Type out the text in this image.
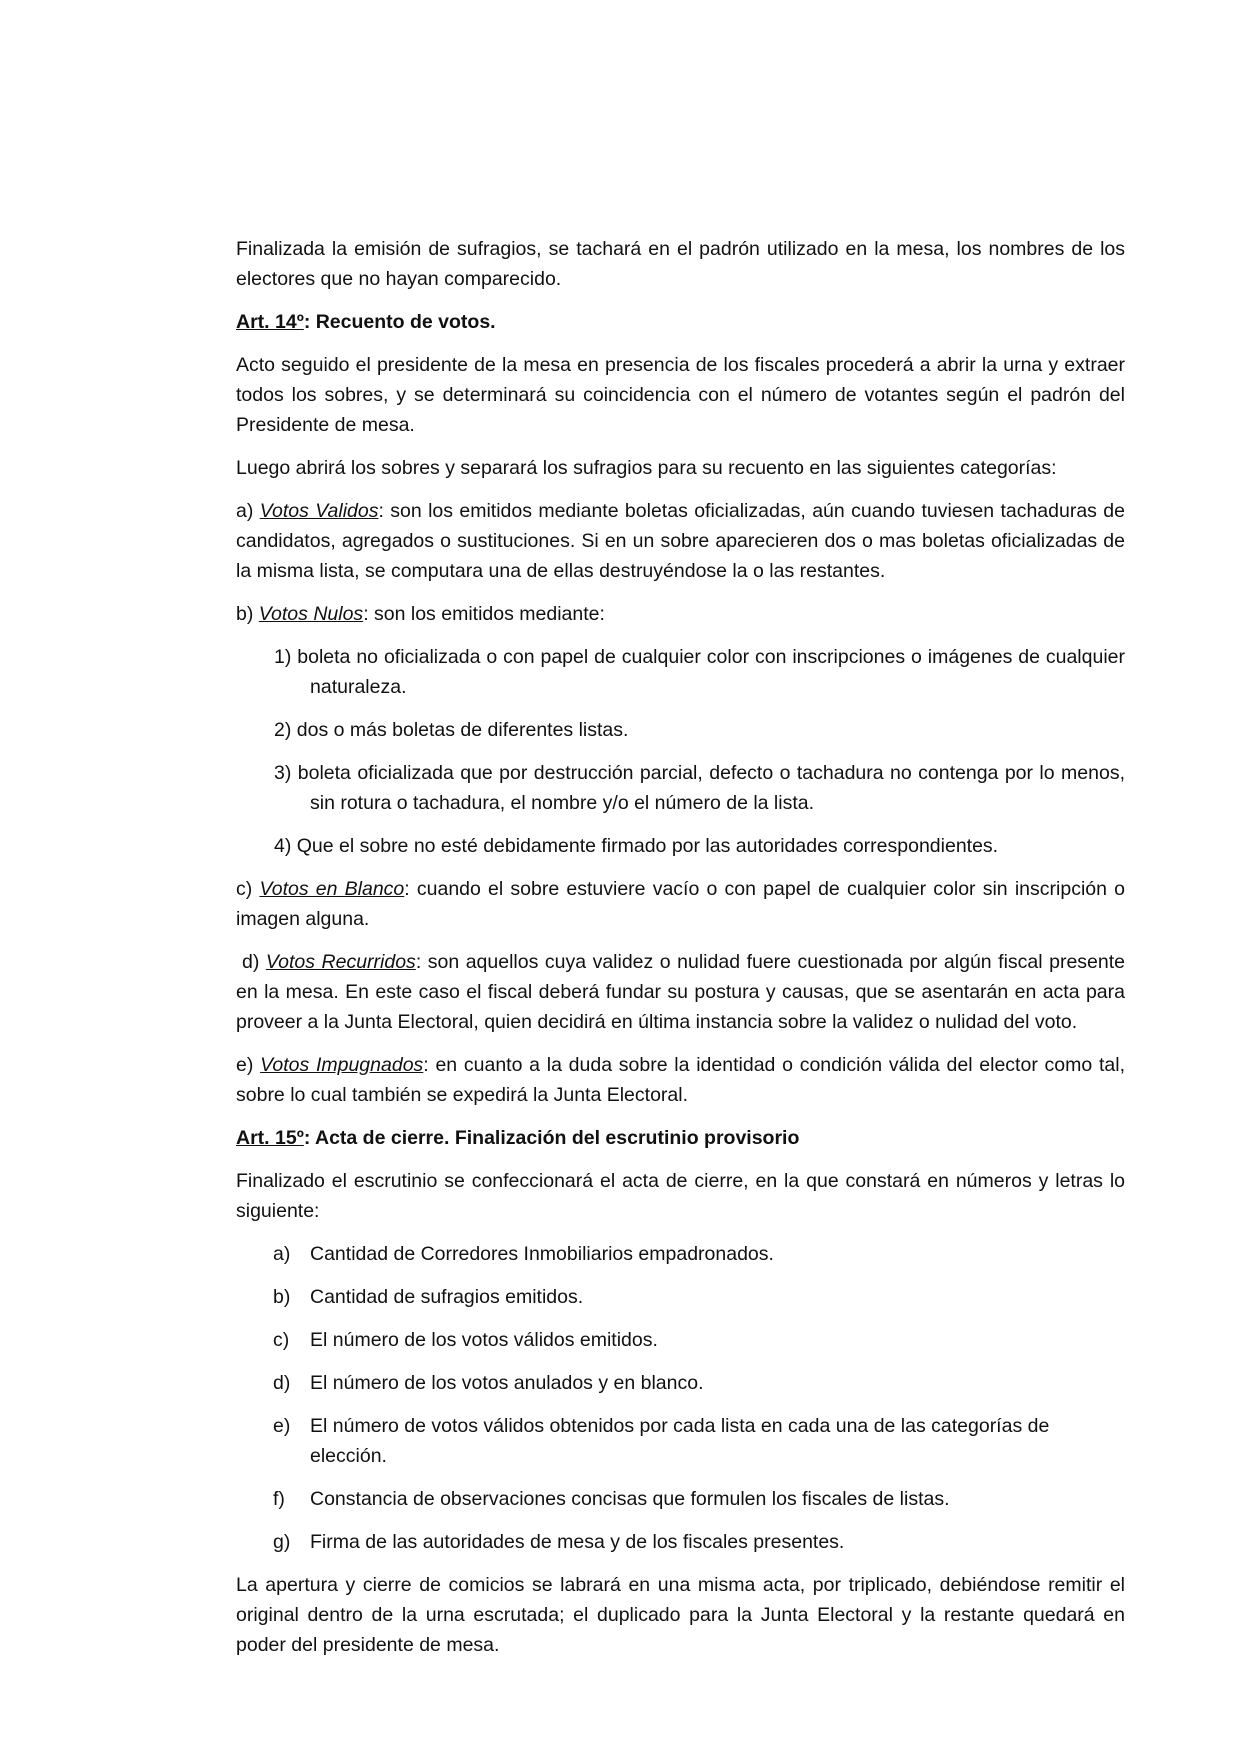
Finalizada la emisión de sufragios, se tachará en el padrón utilizado en la mesa, los nombres de los electores que no hayan comparecido.

Art. 14º: Recuento de votos.

Acto seguido el presidente de la mesa en presencia de los fiscales procederá a abrir la urna y extraer todos los sobres, y se determinará su coincidencia con el número de votantes según el padrón del Presidente de mesa.

Luego abrirá los sobres y separará los sufragios para su recuento en las siguientes categorías:

a) Votos Validos: son los emitidos mediante boletas oficializadas, aún cuando tuviesen tachaduras de candidatos, agregados o sustituciones. Si en un sobre aparecieren dos o mas boletas oficializadas de la misma lista, se computara una de ellas destruyéndose la o las restantes.

b) Votos Nulos: son los emitidos mediante:

1) boleta no oficializada o con papel de cualquier color con inscripciones o imágenes de cualquier naturaleza.
2) dos o más boletas de diferentes listas.
3) boleta oficializada que por destrucción parcial, defecto o tachadura no contenga por lo menos, sin rotura o tachadura, el nombre y/o el número de la lista.
4) Que el sobre no esté debidamente firmado por las autoridades correspondientes.

c) Votos en Blanco: cuando el sobre estuviere vacío o con papel de cualquier color sin inscripción o imagen alguna.

d) Votos Recurridos: son aquellos cuya validez o nulidad fuere cuestionada por algún fiscal presente en la mesa. En este caso el fiscal deberá fundar su postura y causas, que se asentarán en acta para proveer a la Junta Electoral, quien decidirá en última instancia sobre la validez o nulidad del voto.

e) Votos Impugnados: en cuanto a la duda sobre la identidad o condición válida del elector como tal, sobre lo cual también se expedirá la Junta Electoral.

Art. 15º: Acta de cierre. Finalización del escrutinio provisorio

Finalizado el escrutinio se confeccionará el acta de cierre, en la que constará en números y letras lo siguiente:

a)	Cantidad de Corredores Inmobiliarios empadronados.
b)	Cantidad de sufragios emitidos.
c)	El número de los votos válidos emitidos.
d)	El número de los votos anulados y en blanco.
e)	El número de votos válidos obtenidos por cada lista en cada una de las categorías de elección.
f)	Constancia de observaciones concisas que formulen los fiscales de listas.
g)	Firma de las autoridades de mesa y de los fiscales presentes.

La apertura y cierre de comicios se labrará en una misma acta, por triplicado, debiéndose remitir el original dentro de la urna escrutada; el duplicado para la Junta Electoral y la restante quedará en poder del presidente de mesa.
